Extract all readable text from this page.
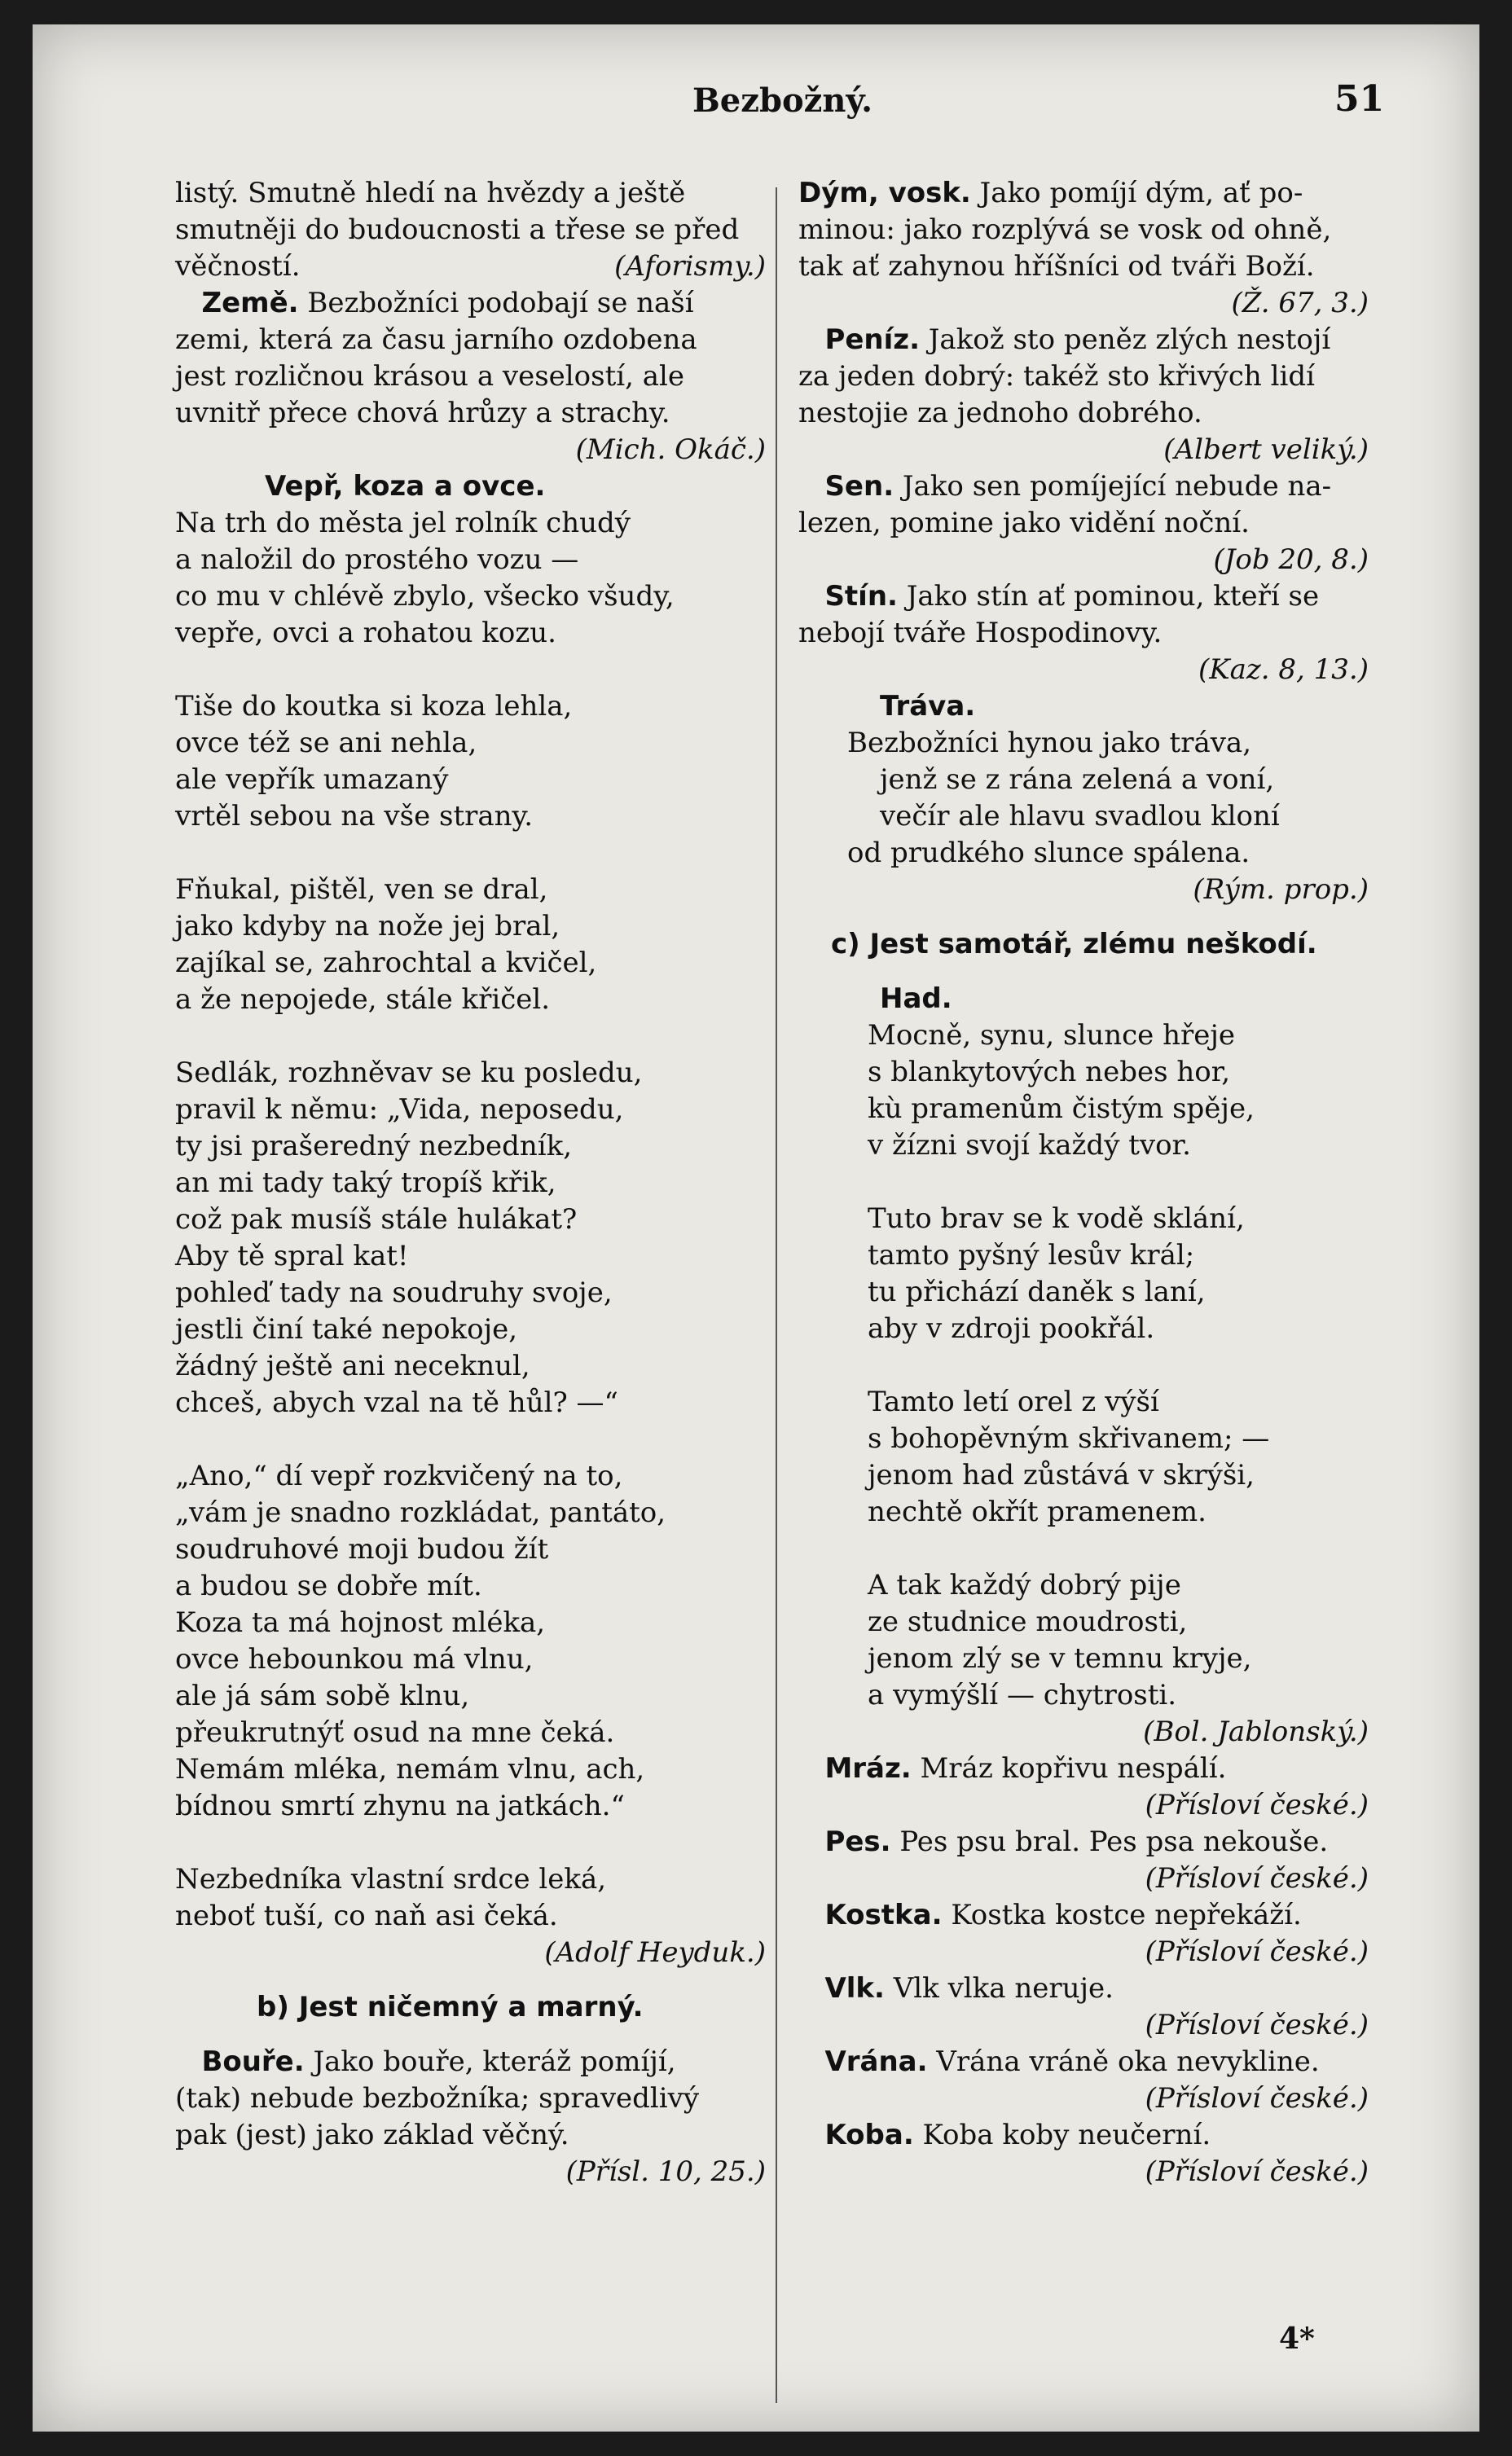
Bezbožný.	51
listý. Smutně hledí na hvězdy a ještě
smutněji do budoucnosti a třese se před
věčností.	(Aforismy.)
Země. Bezbožníci podobají se naší
zemi, která za času jarního ozdobena
jest rozličnou krásou a veselostí, ale
uvnitř přece chová hrůzy a strachy.
(Mich. Okáč.)
Vepř, koza a ovce.
Na trh do města jel rolník chudý
a naložil do prostého vozu —
co mu v chlévě zbylo, všecko všudy,
vepře, ovci a rohatou kozu.
Tiše do koutka si koza lehla,
ovce též se ani nehla,
ale vepřík umazaný
vrtěl sebou na vše strany.
Fňukal, pištěl, ven se dral,
jako kdyby na nože jej bral,
zajíkal se, zahrochtal a kvičel,
a že nepojede, stále křičel.
Sedlák, rozhněvav se ku posledu,
pravil k němu: „Vida, neposedu,
ty jsi prašeredný nezbedník,
an mi tady taký tropíš křik,
což pak musíš stále hulákat?
Aby tě spral kat!
pohleď tady na soudruhy svoje,
jestli činí také nepokoje,
žádný ještě ani neceknul,
chceš, abych vzal na tě hůl? —“
„Ano,“ dí vepř rozkvičený na to,
„vám je snadno rozkládat, pantáto,
soudruhové moji budou žít
a budou se dobře mít.
Koza ta má hojnost mléka,
ovce hebounkou má vlnu,
ale já sám sobě klnu,
přeukrutnýť osud na mne čeká.
Nemám mléka, nemám vlnu, ach,
bídnou smrtí zhynu na jatkách.“
Nezbedníka vlastní srdce leká,
neboť tuší, co naň asi čeká.
(Adolf Heyduk.)
b) Jest ničemný a marný.
Bouře. Jako bouře, kteráž pomíjí,
(tak) nebude bezbožníka; spravedlivý
pak (jest) jako základ věčný.
(Přísl. 10, 25.)
Dým, vosk. Jako pomíjí dým, ať po-
minou: jako rozplývá se vosk od ohně,
tak ať zahynou hříšníci od tváři Boží.
(Ž. 67, 3.)
Peníz. Jakož sto peněz zlých nestojí
za jeden dobrý: takéž sto křivých lidí
nestojie za jednoho dobrého.
(Albert veliký.)
Sen. Jako sen pomíjející nebude na-
lezen, pomine jako vidění noční.
(Job 20, 8.)
Stín. Jako stín ať pominou, kteří se
nebojí tváře Hospodinovy.
(Kaz. 8, 13.)
Tráva.
Bezbožníci hynou jako tráva,
jenž se z rána zelená a voní,
večír ale hlavu svadlou kloní
od prudkého slunce spálena.
(Rým. prop.)
c) Jest samotář, zlému neškodí.
Had.
Mocně, synu, slunce hřeje
s blankytových nebes hor,
kù pramenům čistým spěje,
v žízni svojí každý tvor.
Tuto brav se k vodě sklání,
tamto pyšný lesův král;
tu přichází daněk s laní,
aby v zdroji pookřál.
Tamto letí orel z výší
s bohopěvným skřivanem; —
jenom had zůstává v skrýši,
nechtě okřít pramenem.
A tak každý dobrý pije
ze studnice moudrosti,
jenom zlý se v temnu kryje,
a vymýšlí — chytrosti.
(Bol. Jablonský.)
Mráz. Mráz kopřivu nespálí.
(Přísloví české.)
Pes. Pes psu bral. Pes psa nekouše.
(Přísloví české.)
Kostka. Kostka kostce nepřekáží.
(Přísloví české.)
Vlk. Vlk vlka neruje.
(Přísloví české.)
Vrána. Vrána vráně oka nevykline.
(Přísloví české.)
Koba. Koba koby neučerní.
(Přísloví české.)
4*
